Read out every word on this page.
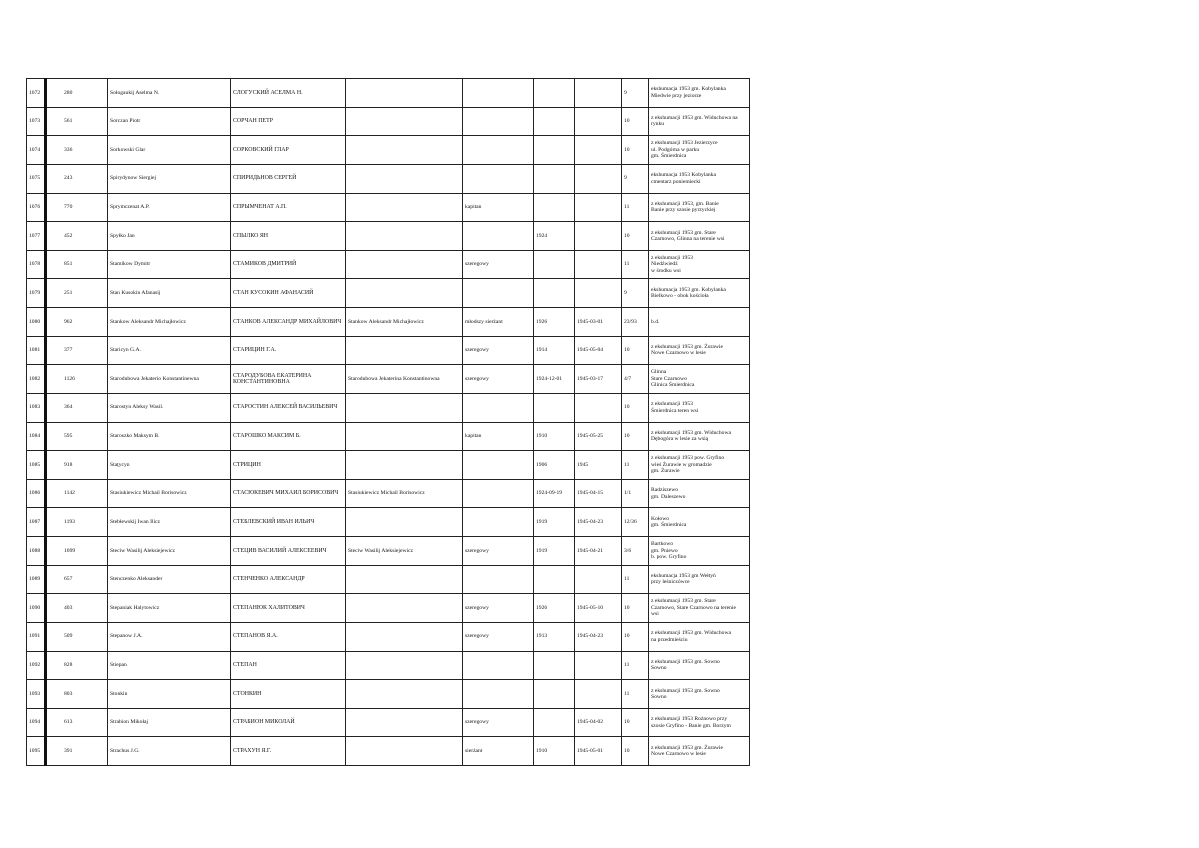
1072	280	Sołogaukij Aselma N.	СЛОГУСКИЙ АСЕЛМА Н.					9	ekshumacja 1953 gm. Kobylanka
Miedwie przy jeziorze

1073	561	Sorczan Piotr	СОРЧАН ПЕТР					10	z ekshumacji 1953 gm. Widuchowa na
rynku

1074	336	Sorkowski Glar	СОРКОВСКИЙ ГЛАР					10	z ekshumacji 1953 Jezierzyce
ul. Podgórna w parku
gm. Śmierdnica

1075	243	Spirydynow Siergiej	СПИРИДЬНОВ СЕРГЕЙ					9	ekshumacja 1953 Kobylanka
cmentarz poniemiecki

1076	770	Sprymczenat A.P.	СПРЫМЧЕНАТ А.П.		kapitan			11	z ekshumacji 1953, gm. Banie
Banie przy szosie pyrzyckiej

1077	452	Spyłko Jan	СПЫЛКО ЯН			1924		10	z ekshumacji 1953 gm. Stare
Czarnowo, Glinna na terenie wsi

1078	851	Stamikow Dymitr	СТАМИКОВ ДМИТРИЙ		szeregowy			11	z ekshumacji 1953
Niedźwiedź
w środku wsi

1079	251	Stan Kusokin Afanasij	СТАН КУСОКИН АФАНАСИЙ					9	ekshumacja 1953 gm. Kobylanka
Bielkowo - obok kościoła

1080	962	Stankow Aleksandr Michajłowicz	СТАНКОВ АЛЕКСАНДР МИХАЙЛОВИЧ	Stankow Aleksandr Michajłowicz	młodszy sierżant	1926	1945-03-01	23/93	b.d.

1081	377	Staricyn G.A.	СТАРИЦИН Г.А.		szeregowy	1914	1945-05-04	10	z ekshumacji 1953 gm. Żurawie
Nowe Czarnowo w lesie

1082	1126	Starodubowa Jekaterio Konstantinewna	СТАРОДУБОВА ЕКАТЕРИНА КОНСТАНТИНОВНА	Starodubowa Jekaterina Konstantinowna	szeregowy	1924-12-01	1945-03-17	4/7	Glinna
Stare Czarnowo
Glinica Śmierdnica

1083	364	Starostyn Aleksy Wasil.	СТАРОСТИН АЛЕКСЕЙ ВАСИЛЬЕВИЧ					10	z ekshumacji 1953
Śmierdnica teren wsi

1084	595	Staroszko Maksym B.	СТАРОШКО МАКСИМ Б.		kapitan	1910	1945-05-25	10	z ekshumacji 1953 gm. Widuchowa
Dębogóra w lesie za wsią

1085	918	Stațycyn	СТРИЦИН			1906	1945	11	z ekshumacji 1953 pow. Gryfino
wieś Żurawie w gromadzie
gm. Żurawie

1086	1142	Stasiukiewicz Michail Borisowicz	СТАСЮКЕВИЧ МИХАИЛ БОРИСОВИЧ	Stasiukiewicz Michail Borisowicz		1924-09-19	1945-04-15	1/1	Radziszewo
gm. Daleszewo

1087	1193	Stebłewskij Iwan Ilicz	СТЕБЛЕВСКИЙ ИВАН ИЛЬИЧ			1919	1945-04-23	12/36	Kołowo
gm. Śmierdnica

1088	1099	Steciw Wasilij Aleksiejewicz	СТЕЦИВ ВАСИЛИЙ АЛЕКСЕЕВИЧ	Steciw Wasilij Aleksiejewicz	szeregowy	1919	1945-04-21	3/6	Bartkowo
gm. Pniewo
b. pow. Gryfino

1089	657	Stenczenko Aleksander	СТЕНЧЕНКО АЛЕКСАНДР					11	ekshumacja 1953 gm Wełtyń
przy leśniczówce

1090	403	Stepaniak Halytowicz	СТЕПАНЮК ХАЛИТОВИЧ		szeregowy	1926	1945-05-10	10	z ekshumacji 1953 gm. Stare
Czarnowo, Stare Czarnowo na terenie
wsi

1091	509	Stepanow J.A.	СТЕПАНОВ Я.А.		szeregowy	1913	1945-04-23	10	z ekshumacji 1953 gm. Widuchowa
na przedmieściu

1092	828	Stiepan	СТЕПАН					11	z ekshumacji 1953 gm. Sowno
Sowno

1093	803	Stonkin	СТОНКИН					11	z ekshumacji 1953 gm. Sowno
Sowno

1094	613	Strabion Mikołaj	СТРАБИОН МИКОЛАЙ		szeregowy		1945-04-02	10	z ekshumacji 1953 Rożnowo przy
szosie Gryfino - Banie gm. Borzym

1095	391	Strachus J.G.	СТРАХУН Я.Г.		sierżant	1910	1945-05-01	10	z ekshumacji 1953 gm. Żurawie
Nowe Czarnowo w lesie
